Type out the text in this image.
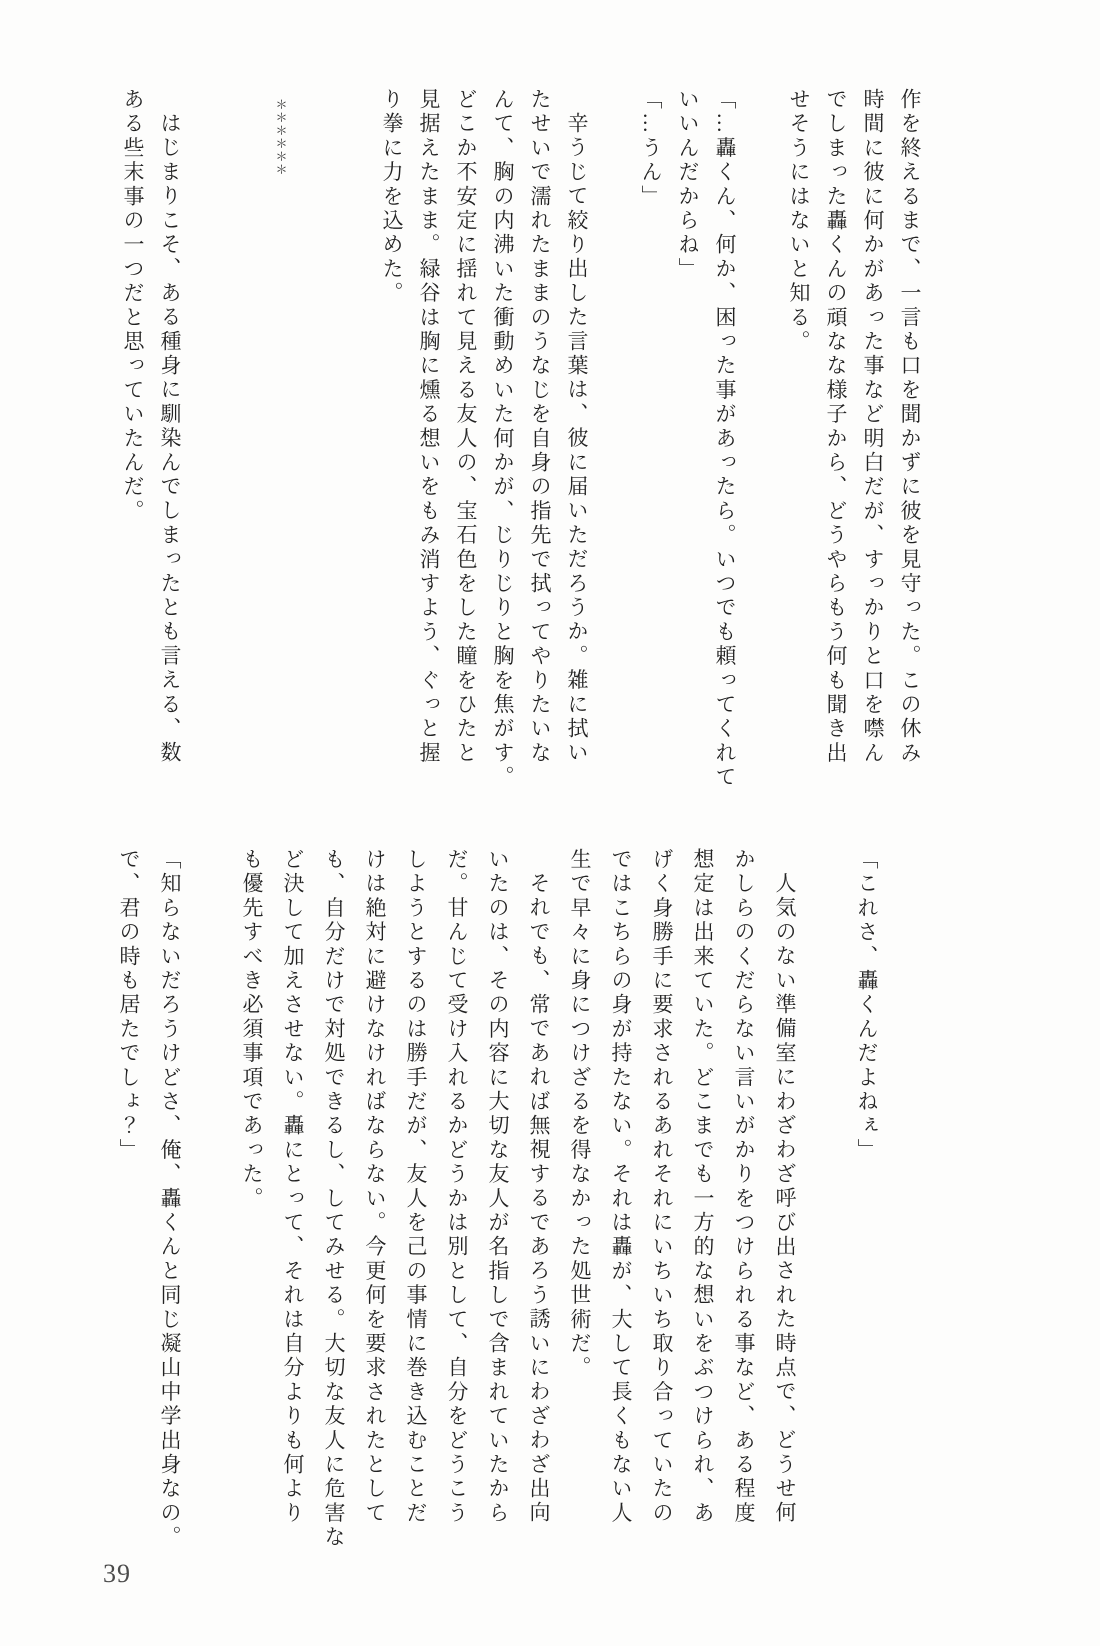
作を終えるまで、一言も口を聞かずに彼を見守った。この休み

時間に彼に何かがあった事など明白だが、すっかりと口を噤ん

でしまった轟くんの頑なな様子から、どうやらもう何も聞き出

せそうにはないと知る。

「…轟くん、何か、困った事があったら。いつでも頼ってくれて

いいんだからね」

「…うん」

辛うじて絞り出した言葉は、彼に届いただろうか。雑に拭い

たせいで濡れたままのうなじを自身の指先で拭ってやりたいな

んて、胸の内沸いた衝動めいた何かが、じりじりと胸を焦がす。

どこか不安定に揺れて見える友人の、宝石色をした瞳をひたと

見据えたまま。緑谷は胸に燻る想いをもみ消すよう、ぐっと握

り拳に力を込めた。

＊＊＊＊＊＊

はじまりこそ、ある種身に馴染んでしまったとも言える、数

ある些末事の一つだと思っていたんだ。

「これさ、轟くんだよねぇ」

人気のない準備室にわざわざ呼び出された時点で、どうせ何

かしらのくだらない言いがかりをつけられる事など、ある程度

想定は出来ていた。どこまでも一方的な想いをぶつけられ、あ

げく身勝手に要求されるあれそれにいちいち取り合っていたの

ではこちらの身が持たない。それは轟が、大して長くもない人

生で早々に身につけざるを得なかった処世術だ。

それでも、常であれば無視するであろう誘いにわざわざ出向

いたのは、その内容に大切な友人が名指しで含まれていたから

だ。甘んじて受け入れるかどうかは別として、自分をどうこう

しようとするのは勝手だが、友人を己の事情に巻き込むことだ

けは絶対に避けなければならない。今更何を要求されたとして

も、自分だけで対処できるし、してみせる。大切な友人に危害な

ど決して加えさせない。轟にとって、それは自分よりも何より

も優先すべき必須事項であった。

「知らないだろうけどさ、俺、轟くんと同じ凝山中学出身なの。

で、君の時も居たでしょ？」

39
